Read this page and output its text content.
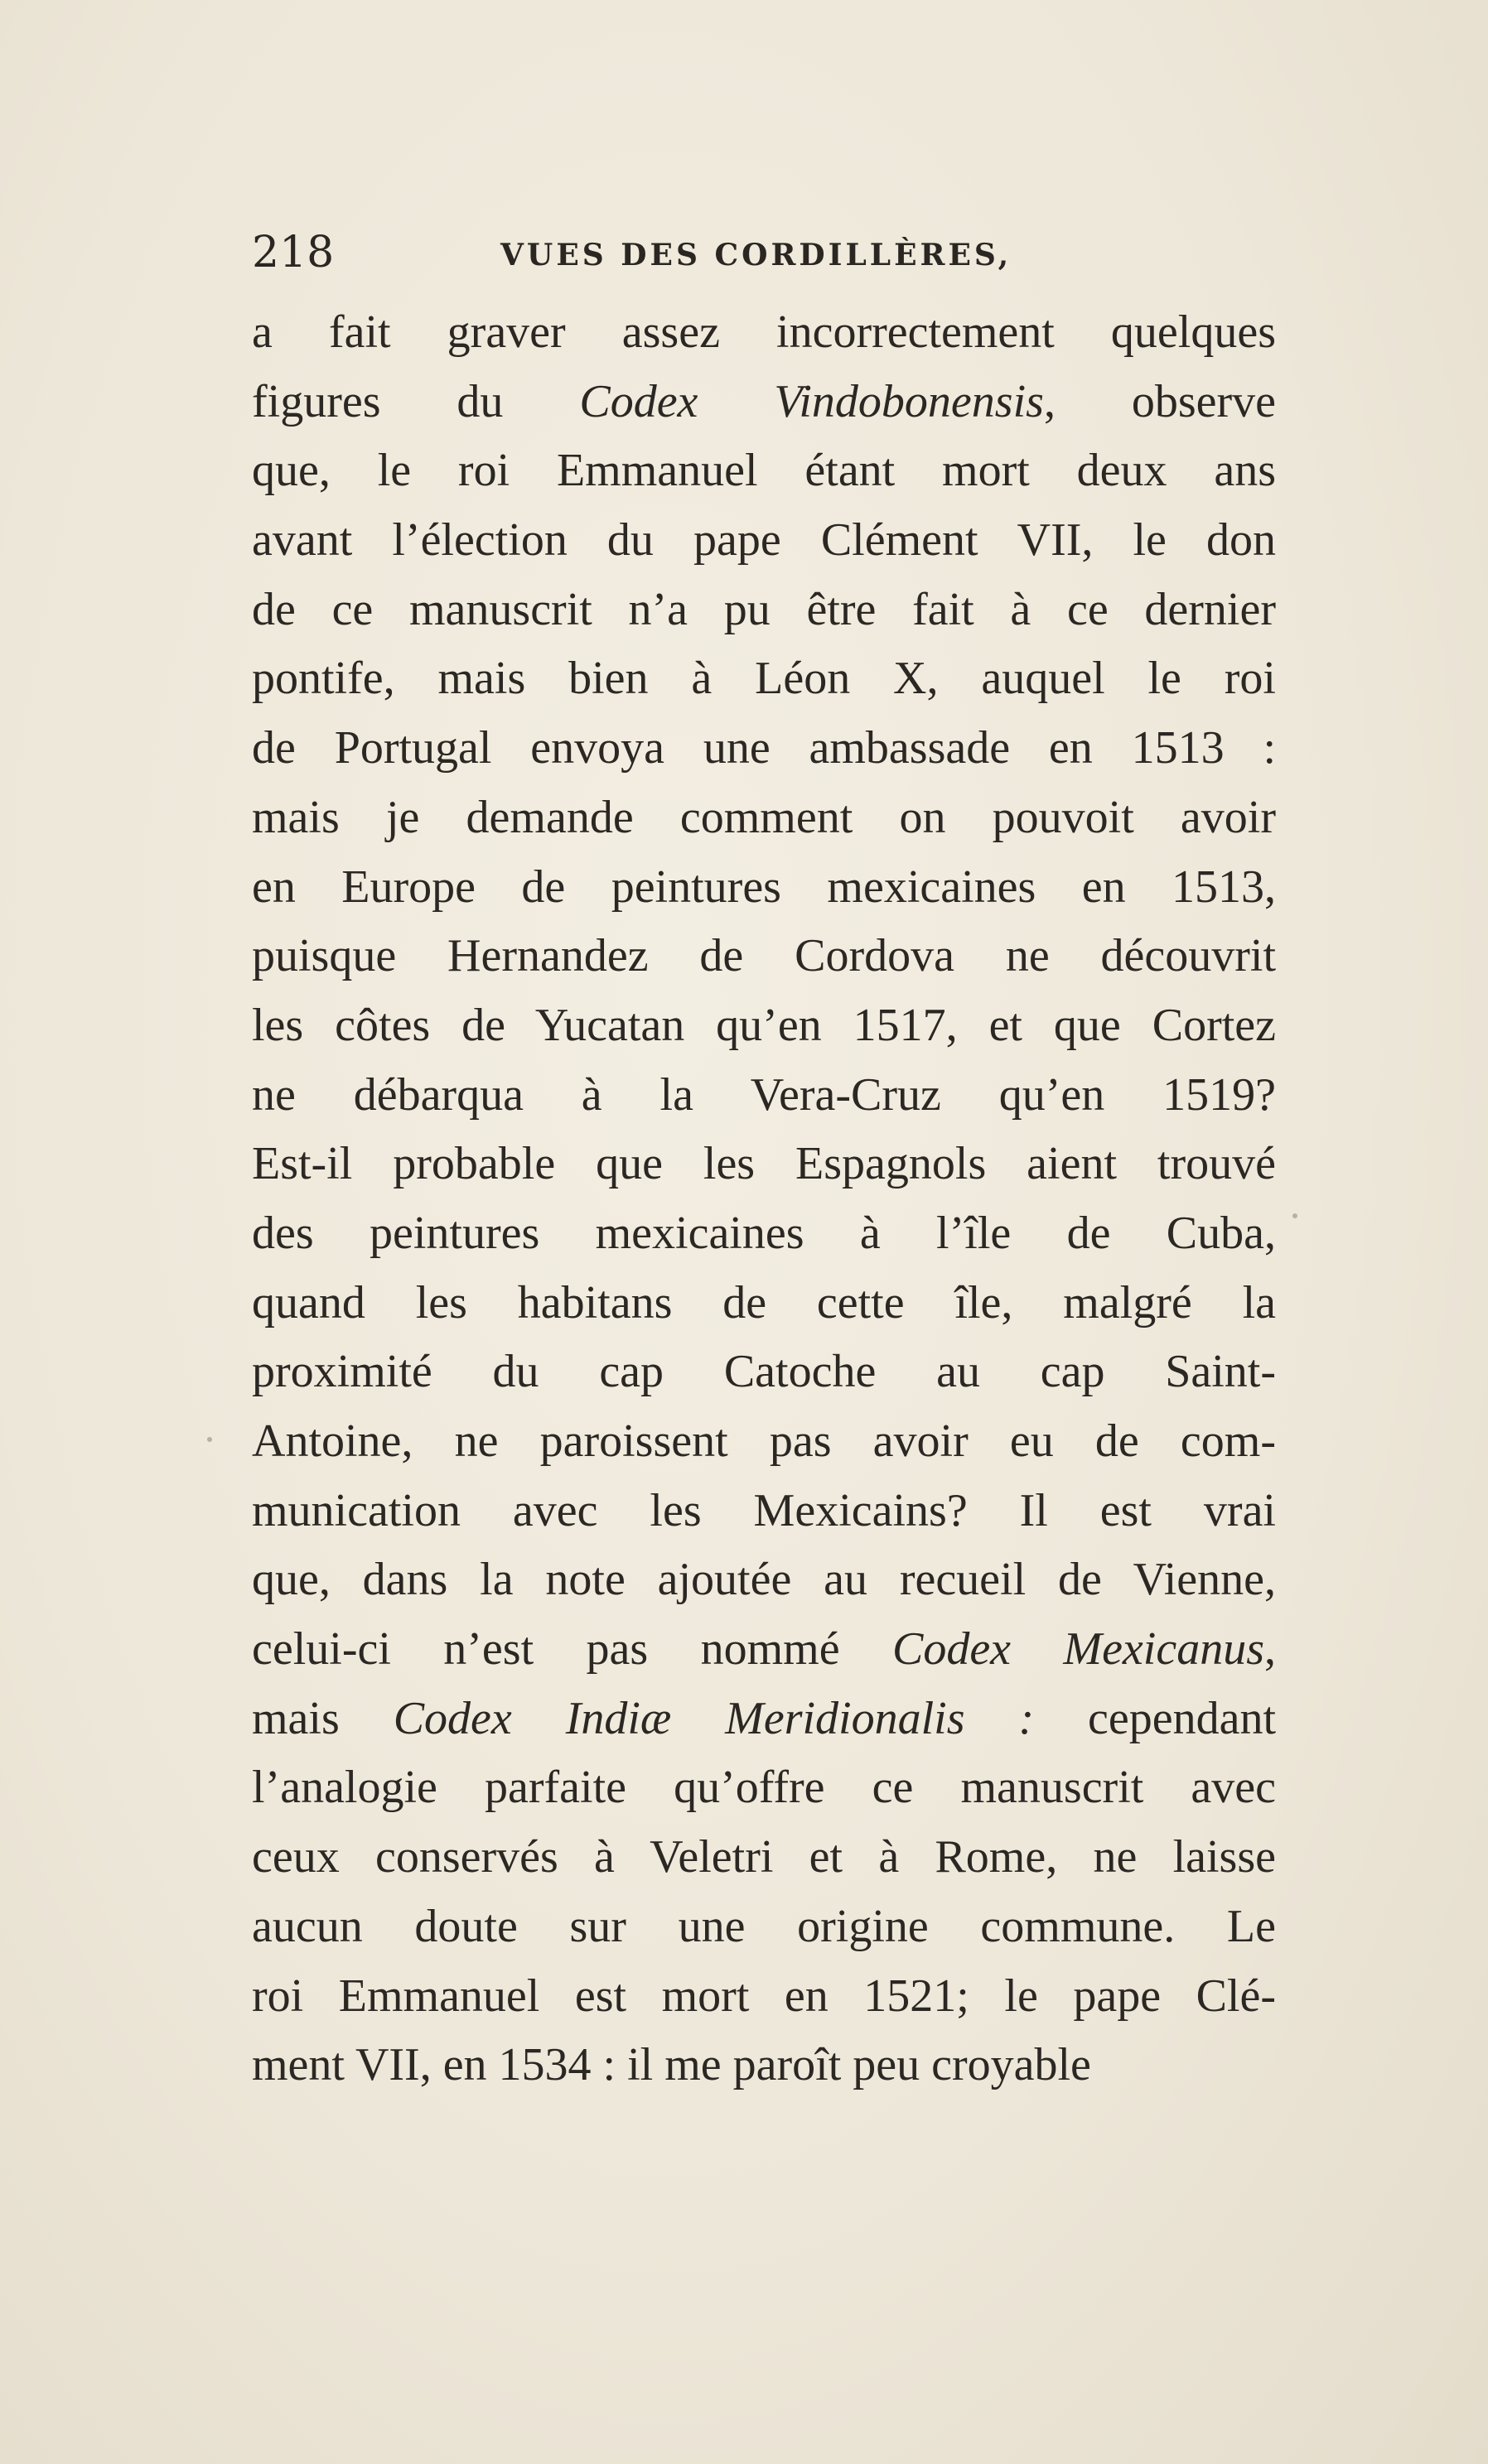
218	VUES DES CORDILLÈRES,
a fait graver assez incorrectement quelques
figures du Codex Vindobonensis, observe
que, le roi Emmanuel étant mort deux ans
avant l’élection du pape Clément VII, le don
de ce manuscrit n’a pu être fait à ce dernier
pontife, mais bien à Léon X, auquel le roi
de Portugal envoya une ambassade en 1513 :
mais je demande comment on pouvoit avoir
en Europe de peintures mexicaines en 1513,
puisque Hernandez de Cordova ne découvrit
les côtes de Yucatan qu’en 1517, et que Cortez
ne débarqua à la Vera-Cruz qu’en 1519?
Est-il probable que les Espagnols aient trouvé
des peintures mexicaines à l’île de Cuba,
quand les habitans de cette île, malgré la
proximité du cap Catoche au cap Saint-
Antoine, ne paroissent pas avoir eu de com-
munication avec les Mexicains? Il est vrai
que, dans la note ajoutée au recueil de Vienne,
celui-ci n’est pas nommé Codex Mexicanus,
mais Codex Indiæ Meridionalis : cependant
l’analogie parfaite qu’offre ce manuscrit avec
ceux conservés à Veletri et à Rome, ne laisse
aucun doute sur une origine commune. Le
roi Emmanuel est mort en 1521; le pape Clé-
ment VII, en 1534 : il me paroît peu croyable
